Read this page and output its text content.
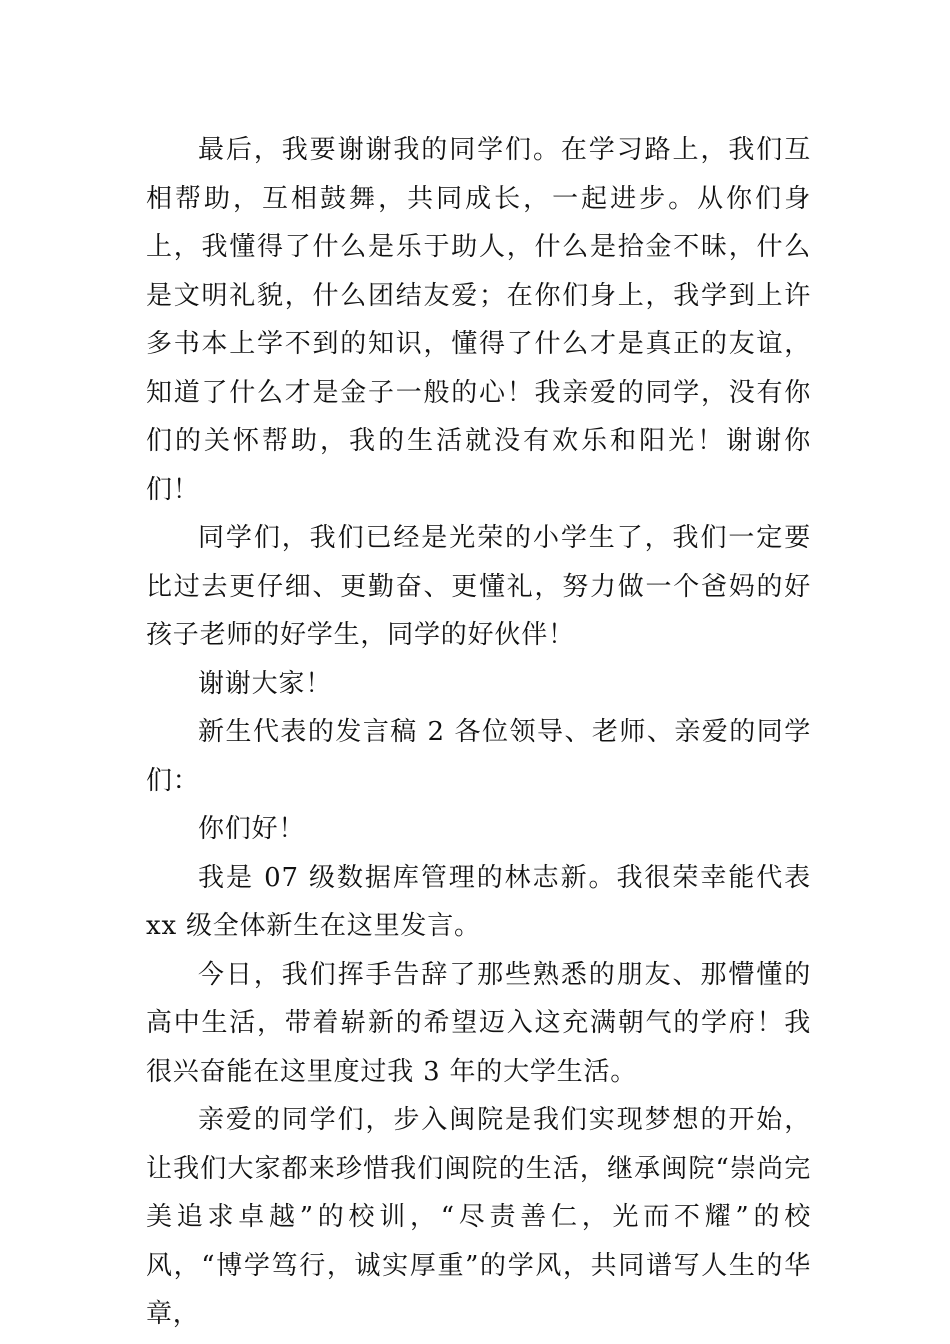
最后，我要谢谢我的同学们。在学习路上，我们互相帮助，互相鼓舞，共同成长，一起进步。从你们身上，我懂得了什么是乐于助人，什么是拾金不昧，什么是文明礼貌，什么团结友爱；在你们身上，我学到上许多书本上学不到的知识，懂得了什么才是真正的友谊，知道了什么才是金子一般的心！我亲爱的同学，没有你们的关怀帮助，我的生活就没有欢乐和阳光！谢谢你们！

同学们，我们已经是光荣的小学生了，我们一定要比过去更仔细、更勤奋、更懂礼，努力做一个爸妈的好孩子老师的好学生，同学的好伙伴！

谢谢大家！

新生代表的发言稿 2 各位领导、老师、亲爱的同学们：

你们好！

我是 07 级数据库管理的林志新。我很荣幸能代表 xx 级全体新生在这里发言。

今日，我们挥手告辞了那些熟悉的朋友、那懵懂的高中生活，带着崭新的希望迈入这充满朝气的学府！我很兴奋能在这里度过我 3 年的大学生活。

亲爱的同学们，步入闽院是我们实现梦想的开始，让我们大家都来珍惜我们闽院的生活，继承闽院“崇尚完美追求卓越”的校训，“尽责善仁，光而不耀”的校风，“博学笃行，诚实厚重”的学风，共同谱写人生的华章，
